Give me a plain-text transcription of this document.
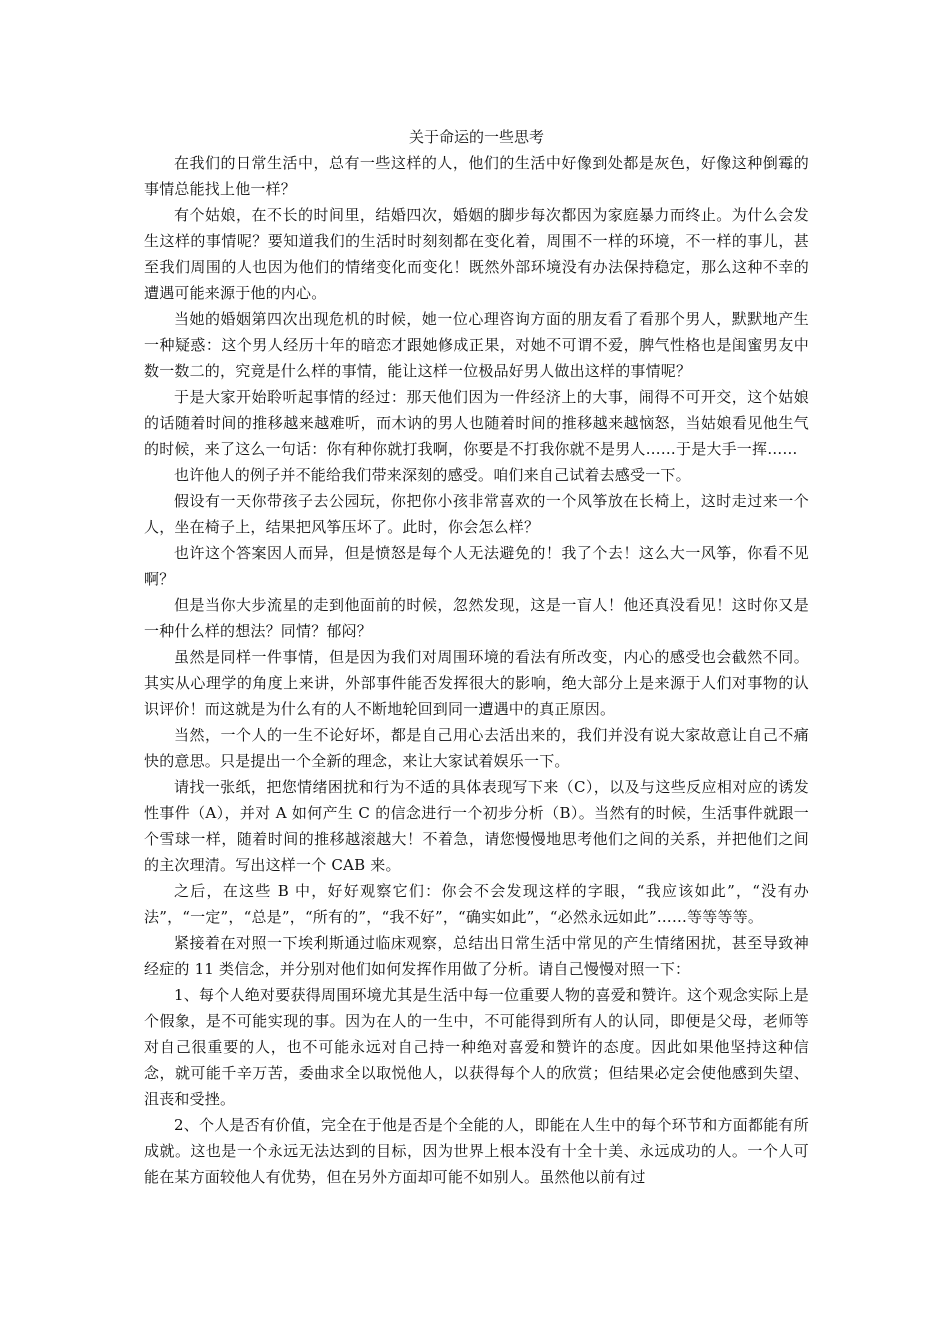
关于命运的一些思考

在我们的日常生活中，总有一些这样的人，他们的生活中好像到处都是灰色，好像这种倒霉的事情总能找上他一样？

有个姑娘，在不长的时间里，结婚四次，婚姻的脚步每次都因为家庭暴力而终止。为什么会发生这样的事情呢？要知道我们的生活时时刻刻都在变化着，周围不一样的环境，不一样的事儿，甚至我们周围的人也因为他们的情绪变化而变化！既然外部环境没有办法保持稳定，那么这种不幸的遭遇可能来源于他的内心。

当她的婚姻第四次出现危机的时候，她一位心理咨询方面的朋友看了看那个男人，默默地产生一种疑惑：这个男人经历十年的暗恋才跟她修成正果，对她不可谓不爱，脾气性格也是闺蜜男友中数一数二的，究竟是什么样的事情，能让这样一位极品好男人做出这样的事情呢？

于是大家开始聆听起事情的经过：那天他们因为一件经济上的大事，闹得不可开交，这个姑娘的话随着时间的推移越来越难听，而木讷的男人也随着时间的推移越来越恼怒，当姑娘看见他生气的时候，来了这么一句话：你有种你就打我啊，你要是不打我你就不是男人……于是大手一挥……

也许他人的例子并不能给我们带来深刻的感受。咱们来自己试着去感受一下。

假设有一天你带孩子去公园玩，你把你小孩非常喜欢的一个风筝放在长椅上，这时走过来一个人，坐在椅子上，结果把风筝压坏了。此时，你会怎么样？

也许这个答案因人而异，但是愤怒是每个人无法避免的！我了个去！这么大一风筝，你看不见啊？

但是当你大步流星的走到他面前的时候，忽然发现，这是一盲人！他还真没看见！这时你又是一种什么样的想法？同情？郁闷？

虽然是同样一件事情，但是因为我们对周围环境的看法有所改变，内心的感受也会截然不同。其实从心理学的角度上来讲，外部事件能否发挥很大的影响，绝大部分上是来源于人们对事物的认识评价！而这就是为什么有的人不断地轮回到同一遭遇中的真正原因。

当然，一个人的一生不论好坏，都是自己用心去活出来的，我们并没有说大家故意让自己不痛快的意思。只是提出一个全新的理念，来让大家试着娱乐一下。

请找一张纸，把您情绪困扰和行为不适的具体表现写下来（C），以及与这些反应相对应的诱发性事件（A），并对 A 如何产生 C 的信念进行一个初步分析（B）。当然有的时候，生活事件就跟一个雪球一样，随着时间的推移越滚越大！不着急，请您慢慢地思考他们之间的关系，并把他们之间的主次理清。写出这样一个 CAB 来。

之后，在这些 B 中，好好观察它们：你会不会发现这样的字眼，“我应该如此”，“没有办法”，“一定”，“总是”，“所有的”，“我不好”，“确实如此”，“必然永远如此”……等等等等。

紧接着在对照一下埃利斯通过临床观察，总结出日常生活中常见的产生情绪困扰，甚至导致神经症的 11 类信念，并分别对他们如何发挥作用做了分析。请自己慢慢对照一下：

1、每个人绝对要获得周围环境尤其是生活中每一位重要人物的喜爱和赞许。这个观念实际上是个假象，是不可能实现的事。因为在人的一生中，不可能得到所有人的认同，即便是父母，老师等对自己很重要的人，也不可能永远对自己持一种绝对喜爱和赞许的态度。因此如果他坚持这种信念，就可能千辛万苦，委曲求全以取悦他人，以获得每个人的欣赏；但结果必定会使他感到失望、沮丧和受挫。

2、个人是否有价值，完全在于他是否是个全能的人，即能在人生中的每个环节和方面都能有所成就。这也是一个永远无法达到的目标，因为世界上根本没有十全十美、永远成功的人。一个人可能在某方面较他人有优势，但在另外方面却可能不如别人。虽然他以前有过
